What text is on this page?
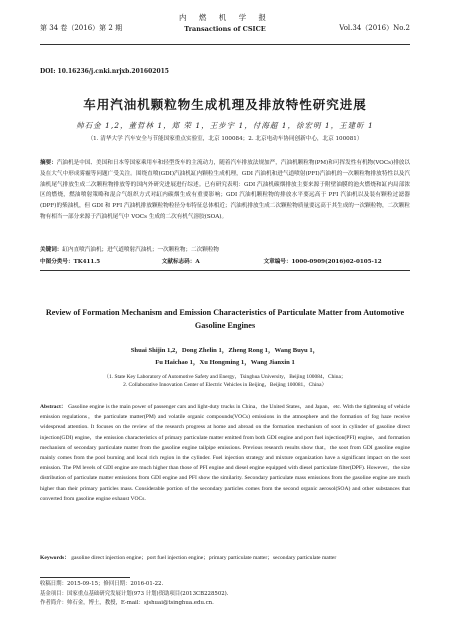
第 34 卷（2016）第 2 期
内 燃 机 学 报
Transactions of CSICE	Vol.34（2016）No.2
DOI: 10.16236/j.cnki.nrjxb.201602015
车用汽油机颗粒物生成机理及排放特性研究进展
帅石金 1,2，董哲林 1，郑 荣 1，王步宇 1，付海超 1，徐宏明 1，王建昕 1
（1. 清华大学 汽车安全与节能国家重点实验室，北京 100084；2. 北京电动车协同创新中心，北京 100081）
摘要：汽油机是中国、美国和日本等国家乘用车和轻型货车的主流动力，随着汽车排放法规加严，汽油机颗粒物(PM)和可挥发性有机物(VOCs)排放以及在大气中形成雾霾等问题广受关注。围绕直喷(GDI)汽油机缸内颗粒生成机理，GDI 汽油机和进气道喷射(PFI)汽油机的一次颗粒物排放特性以及汽油机尾气排放生成二次颗粒物排放等的国内外研究进展进行综述。已有研究表明：GDI 汽油机碳烟排放主要来源于附壁油膜的池火燃烧和缸内局部浓区的燃烧，燃油喷射策略和混合气组织方式对缸内碳烟生成有重要影响；GDI 汽油机颗粒物的排放水平要远高于 PFI 汽油机以及装有颗粒过滤器(DPF)的柴油机，但 GDI 和 PFI 汽油机排放颗粒物粒径分布特征总体相近；汽油机排放生成二次颗粒物质量要远高于其生成的一次颗粒物，二次颗粒物有相当一部分来源于汽油机尾气中 VOCs 生成的二次有机气溶胶(SOA)。
关键词：缸内直喷汽油机；进气道喷射汽油机；一次颗粒物；二次颗粒物
中图分类号：TK411.5	文献标志码：A	文章编号：1000-0909(2016)02-0105-12
Review of Formation Mechanism and Emission Characteristics of Particulate Matter from Automotive Gasoline Engines
Shuai Shijin 1,2，Dong Zhelin 1，Zheng Rong 1，Wang Buyu 1，
Fu Haichao 1，Xu Hongming 1，Wang Jianxin 1
（1. State Key Laboratory of Automotive Safety and Energy，Tsinghua University，Beijing 100084，China；
2. Collaborative Innovation Center of Electric Vehicles in Beijing，Beijing 100081，China）
Abstract： Gasoline engine is the main power of passenger cars and light-duty trucks in China，the United States，and Japan，etc. With the tightening of vehicle emission regulations，the particulate matter(PM) and volatile organic compounds(VOCs) emissions in the atmosphere and the formation of fog haze receive widespread attention. It focuses on the review of the research progress at home and abroad on the formation mechanism of soot in cylinder of gasoline direct injection(GDI) engine，the emission characteristics of primary particulate matter emitted from both GDI engine and port fuel injection(PFI) engine，and formation mechanism of secondary particulate matter from the gasoline engine tailpipe emissions. Previous research results show that，the soot from GDI gasoline engine mainly comes from the pool burning and local rich region in the cylinder. Fuel injection strategy and mixture organization have a significant impact on the soot emission. The PM levels of GDI engine are much higher than those of PFI engine and diesel engine equipped with diesel particulate filter(DPF). However，the size distribution of particulate matter emissions from GDI engine and PFI show the similarity. Secondary particulate mass emissions from the gasoline engine are much higher than their primary particles mass. Considerable portion of the secondary particles comes from the second organic aerosol(SOA) and other substances that converted from gasoline engine exhaust VOCs.
Keywords： gasoline direct injection engine；port fuel injection engine；primary particulate matter；secondary particulate matter
收稿日期：2015-09-15；修回日期：2016-01-22.
基金项目：国家重点基础研究发展计划(973 计划)资助项目(2013CB228502).
作者简介：帅石金，博士，教授，E-mail：sjshuai@tsinghua.edu.cn.
